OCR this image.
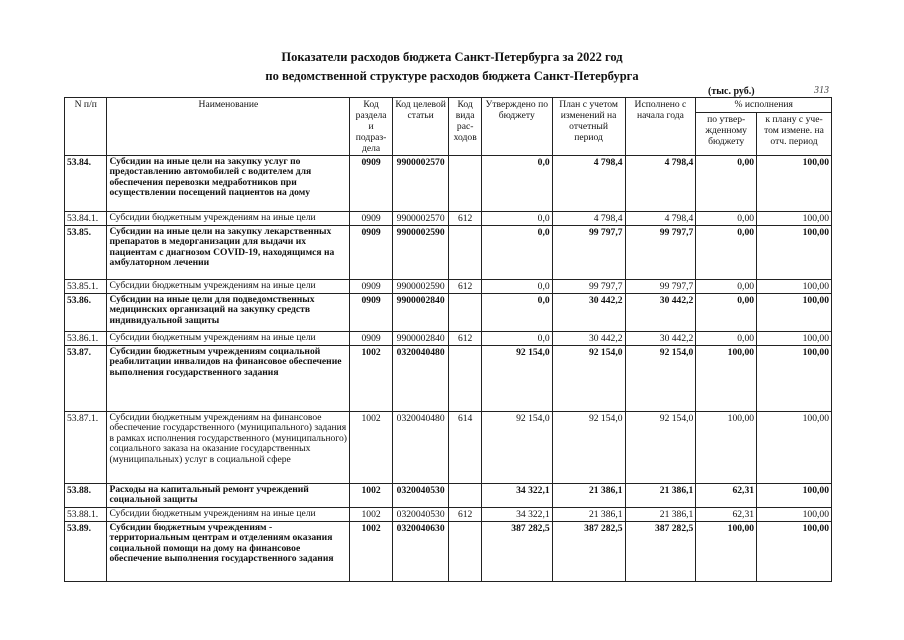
Показатели расходов бюджета Санкт-Петербурга за 2022 год
по ведомственной структуре расходов бюджета Санкт-Петербурга
(тыс. руб.)	313
N п/п	Наименование	Код раздела и подраз-дела	Код целевой статьи	Код вида рас-ходов	Утверждено по бюджету	План с учетом изменений на отчетный период	Исполнено с начала года	% исполнения	
								по утвер-жденному бюджету	к плану с уче-том измене. на отч. период
53.84.	Субсидии на иные цели на закупку услуг по предоставлению автомобилей с водителем для обеспечения перевозки медработников при осуществлении посещений пациентов на дому	0909	9900002570		0,0	4 798,4	4 798,4	0,00	100,00
53.84.1.	Субсидии бюджетным учреждениям на иные цели	0909	9900002570	612	0,0	4 798,4	4 798,4	0,00	100,00
53.85.	Субсидии на иные цели на закупку лекарственных препаратов в медорганизации для выдачи их пациентам с диагнозом COVID-19, находящимся на амбулаторном лечении	0909	9900002590		0,0	99 797,7	99 797,7	0,00	100,00
53.85.1.	Субсидии бюджетным учреждениям на иные цели	0909	9900002590	612	0,0	99 797,7	99 797,7	0,00	100,00
53.86.	Субсидии на иные цели для подведомственных медицинских организаций на закупку средств индивидуальной защиты	0909	9900002840		0,0	30 442,2	30 442,2	0,00	100,00
53.86.1.	Субсидии бюджетным учреждениям на иные цели	0909	9900002840	612	0,0	30 442,2	30 442,2	0,00	100,00
53.87.	Субсидии бюджетным учреждениям социальной реабилитации инвалидов на финансовое обеспечение выполнения государственного задания	1002	0320040480		92 154,0	92 154,0	92 154,0	100,00	100,00
53.87.1.	Субсидии бюджетным учреждениям на финансовое обеспечение государственного (муниципального) задания в рамках исполнения государственного (муниципального) социального заказа на оказание государственных (муниципальных) услуг в социальной сфере	1002	0320040480	614	92 154,0	92 154,0	92 154,0	100,00	100,00
53.88.	Расходы на капитальный ремонт учреждений социальной защиты	1002	0320040530		34 322,1	21 386,1	21 386,1	62,31	100,00
53.88.1.	Субсидии бюджетным учреждениям на иные цели	1002	0320040530	612	34 322,1	21 386,1	21 386,1	62,31	100,00
53.89.	Субсидии бюджетным учреждениям - территориальным центрам и отделениям оказания социальной помощи на дому на финансовое обеспечение выполнения государственного задания	1002	0320040630		387 282,5	387 282,5	387 282,5	100,00	100,00
